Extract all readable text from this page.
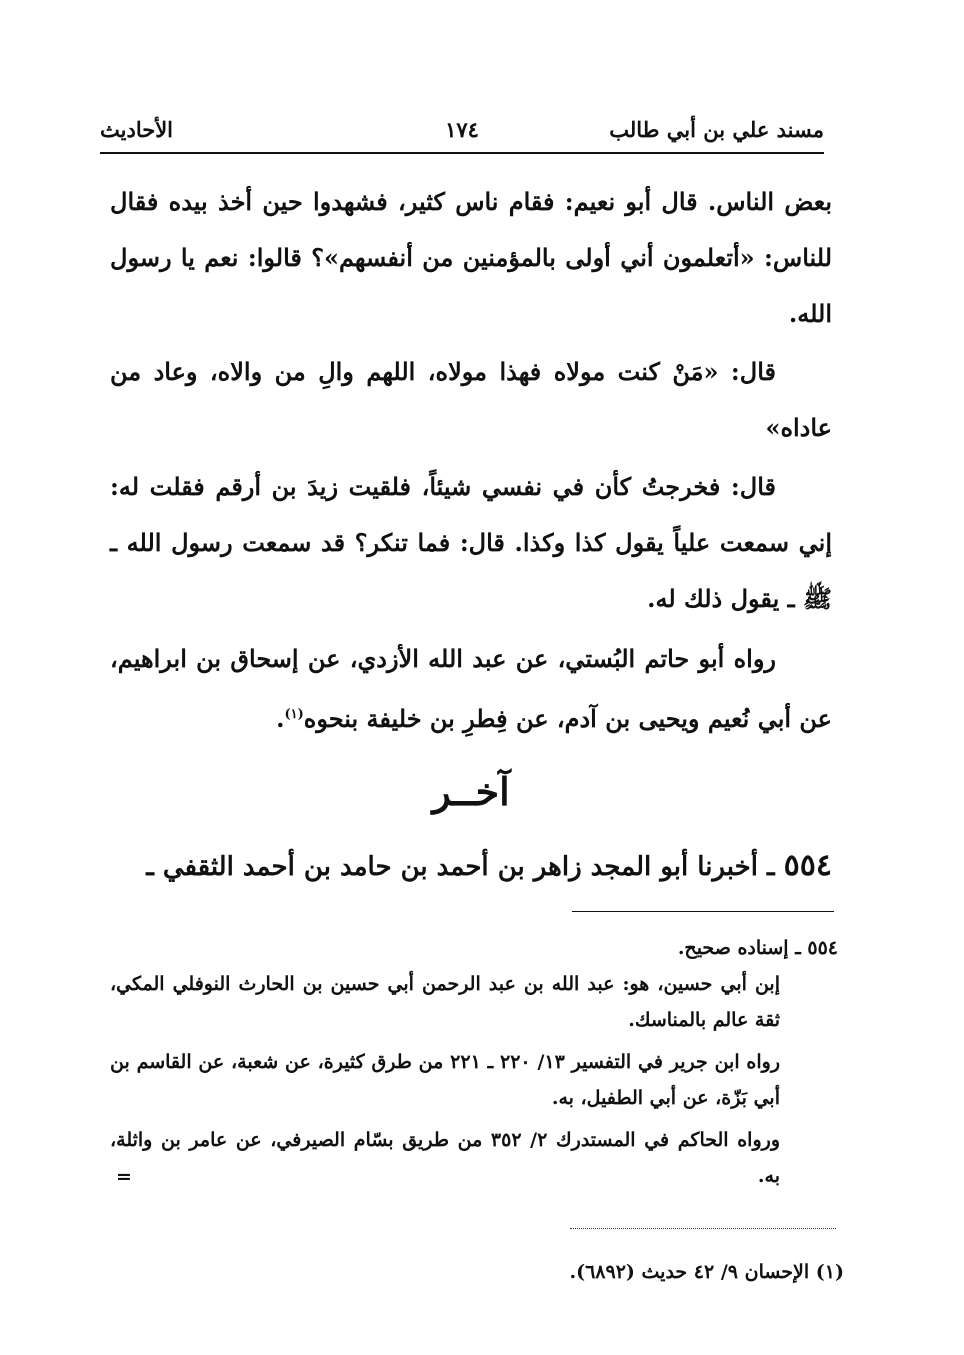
مسند علي بن أبي طالب
١٧٤
الأحاديث
بعض الناس. قال أبو نعيم: فقام ناس كثير، فشهدوا حين أخذ بيده فقال للناس: «أتعلمون أني أولى بالمؤمنين من أنفسهم»؟ قالوا: نعم يا رسول الله.
قال: «مَنْ كنت مولاه فهذا مولاه، اللهم والِ من والاه، وعاد من عاداه»
قال: فخرجتُ كأن في نفسي شيئاً، فلقيت زيدَ بن أرقم فقلت له: إني سمعت علياً يقول كذا وكذا. قال: فما تنكر؟ قد سمعت رسول الله ـ ﷺ ـ يقول ذلك له.
رواه أبو حاتم البُستي، عن عبد الله الأزدي، عن إسحاق بن ابراهيم، عن أبي نُعيم ويحيى بن آدم، عن فِطرِ بن خليفة بنحوه$^{(١)}$.
آخــر
٥٥٤ ـ أخبرنا أبو المجد زاهر بن أحمد بن حامد بن أحمد الثقفي ـ
٥٥٤ ـ إسناده صحيح.
إبن أبي حسين، هو: عبد الله بن عبد الرحمن أبي حسين بن الحارث النوفلي المكي، ثقة عالم بالمناسك.
رواه ابن جرير في التفسير ١٣/ ٢٢٠ ـ ٢٢١ من طرق كثيرة، عن شعبة، عن القاسم بن أبي بَزّة، عن أبي الطفيل، به.
ورواه الحاكم في المستدرك ٢/ ٣٥٢ من طريق بسّام الصيرفي، عن عامر بن واثلة، به.
=
(١) الإحسان ٩/ ٤٢ حديث (٦٨٩٢).
